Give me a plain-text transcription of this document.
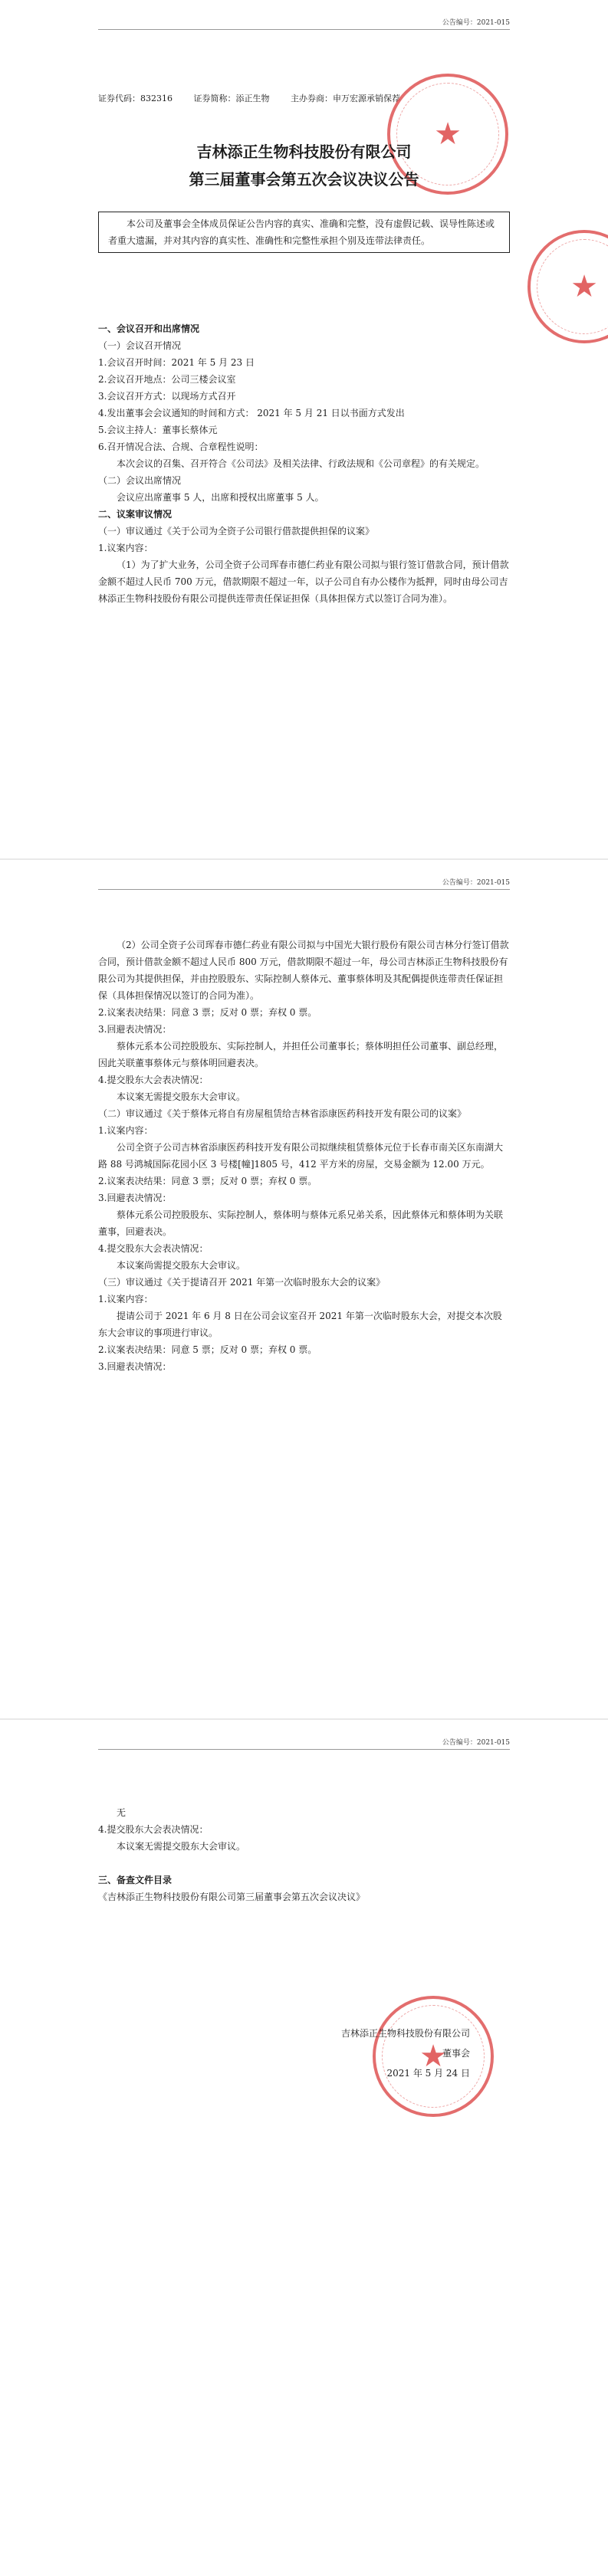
公告编号：2021-015
证券代码：832316	证券简称：添正生物	主办券商：申万宏源承销保荐
★
吉林添正生物科技股份有限公司
第三届董事会第五次会议决议公告
本公司及董事会全体成员保证公告内容的真实、准确和完整，没有虚假记载、误导性陈述或者重大遗漏，并对其内容的真实性、准确性和完整性承担个别及连带法律责任。
★

一、会议召开和出席情况

（一）会议召开情况

1.会议召开时间：2021 年 5 月 23 日

2.会议召开地点：公司三楼会议室

3.会议召开方式：以现场方式召开

4.发出董事会会议通知的时间和方式： 2021 年 5 月 21 日以书面方式发出

5.会议主持人：董事长蔡体元

6.召开情况合法、合规、合章程性说明：

本次会议的召集、召开符合《公司法》及相关法律、行政法规和《公司章程》的有关规定。

（二）会议出席情况

会议应出席董事 5 人，出席和授权出席董事 5 人。

二、议案审议情况

（一）审议通过《关于公司为全资子公司银行借款提供担保的议案》

1.议案内容：

（1）为了扩大业务，公司全资子公司珲春市德仁药业有限公司拟与银行签订借款合同，预计借款金额不超过人民币 700 万元，借款期限不超过一年，以子公司自有办公楼作为抵押，同时由母公司吉林添正生物科技股份有限公司提供连带责任保证担保（具体担保方式以签订合同为准）。

公告编号：2021-015

（2）公司全资子公司珲春市德仁药业有限公司拟与中国光大银行股份有限公司吉林分行签订借款合同，预计借款金额不超过人民币 800 万元，借款期限不超过一年，母公司吉林添正生物科技股份有限公司为其提供担保，并由控股股东、实际控制人蔡体元、董事蔡体明及其配偶提供连带责任保证担保（具体担保情况以签订的合同为准）。

2.议案表决结果：同意 3 票；反对 0 票；弃权 0 票。

3.回避表决情况：

蔡体元系本公司控股股东、实际控制人，并担任公司董事长；蔡体明担任公司董事、副总经理，因此关联董事蔡体元与蔡体明回避表决。

4.提交股东大会表决情况：

本议案无需提交股东大会审议。

（二）审议通过《关于蔡体元将自有房屋租赁给吉林省添康医药科技开发有限公司的议案》

1.议案内容：

公司全资子公司吉林省添康医药科技开发有限公司拟继续租赁蔡体元位于长春市南关区东南湖大路 88 号鸿城国际花园小区 3 号楼[幢]1805 号，412 平方米的房屋，交易金额为 12.00 万元。

2.议案表决结果：同意 3 票；反对 0 票；弃权 0 票。

3.回避表决情况：

蔡体元系公司控股股东、实际控制人，蔡体明与蔡体元系兄弟关系，因此蔡体元和蔡体明为关联董事，回避表决。

4.提交股东大会表决情况：

本议案尚需提交股东大会审议。

（三）审议通过《关于提请召开 2021 年第一次临时股东大会的议案》

1.议案内容：

提请公司于 2021 年 6 月 8 日在公司会议室召开 2021 年第一次临时股东大会，对提交本次股东大会审议的事项进行审议。

2.议案表决结果：同意 5 票；反对 0 票；弃权 0 票。

3.回避表决情况：

公告编号：2021-015

无

4.提交股东大会表决情况：

本议案无需提交股东大会审议。

三、备查文件目录

《吉林添正生物科技股份有限公司第三届董事会第五次会议决议》

★
吉林添正生物科技股份有限公司
董事会
2021 年 5 月 24 日
